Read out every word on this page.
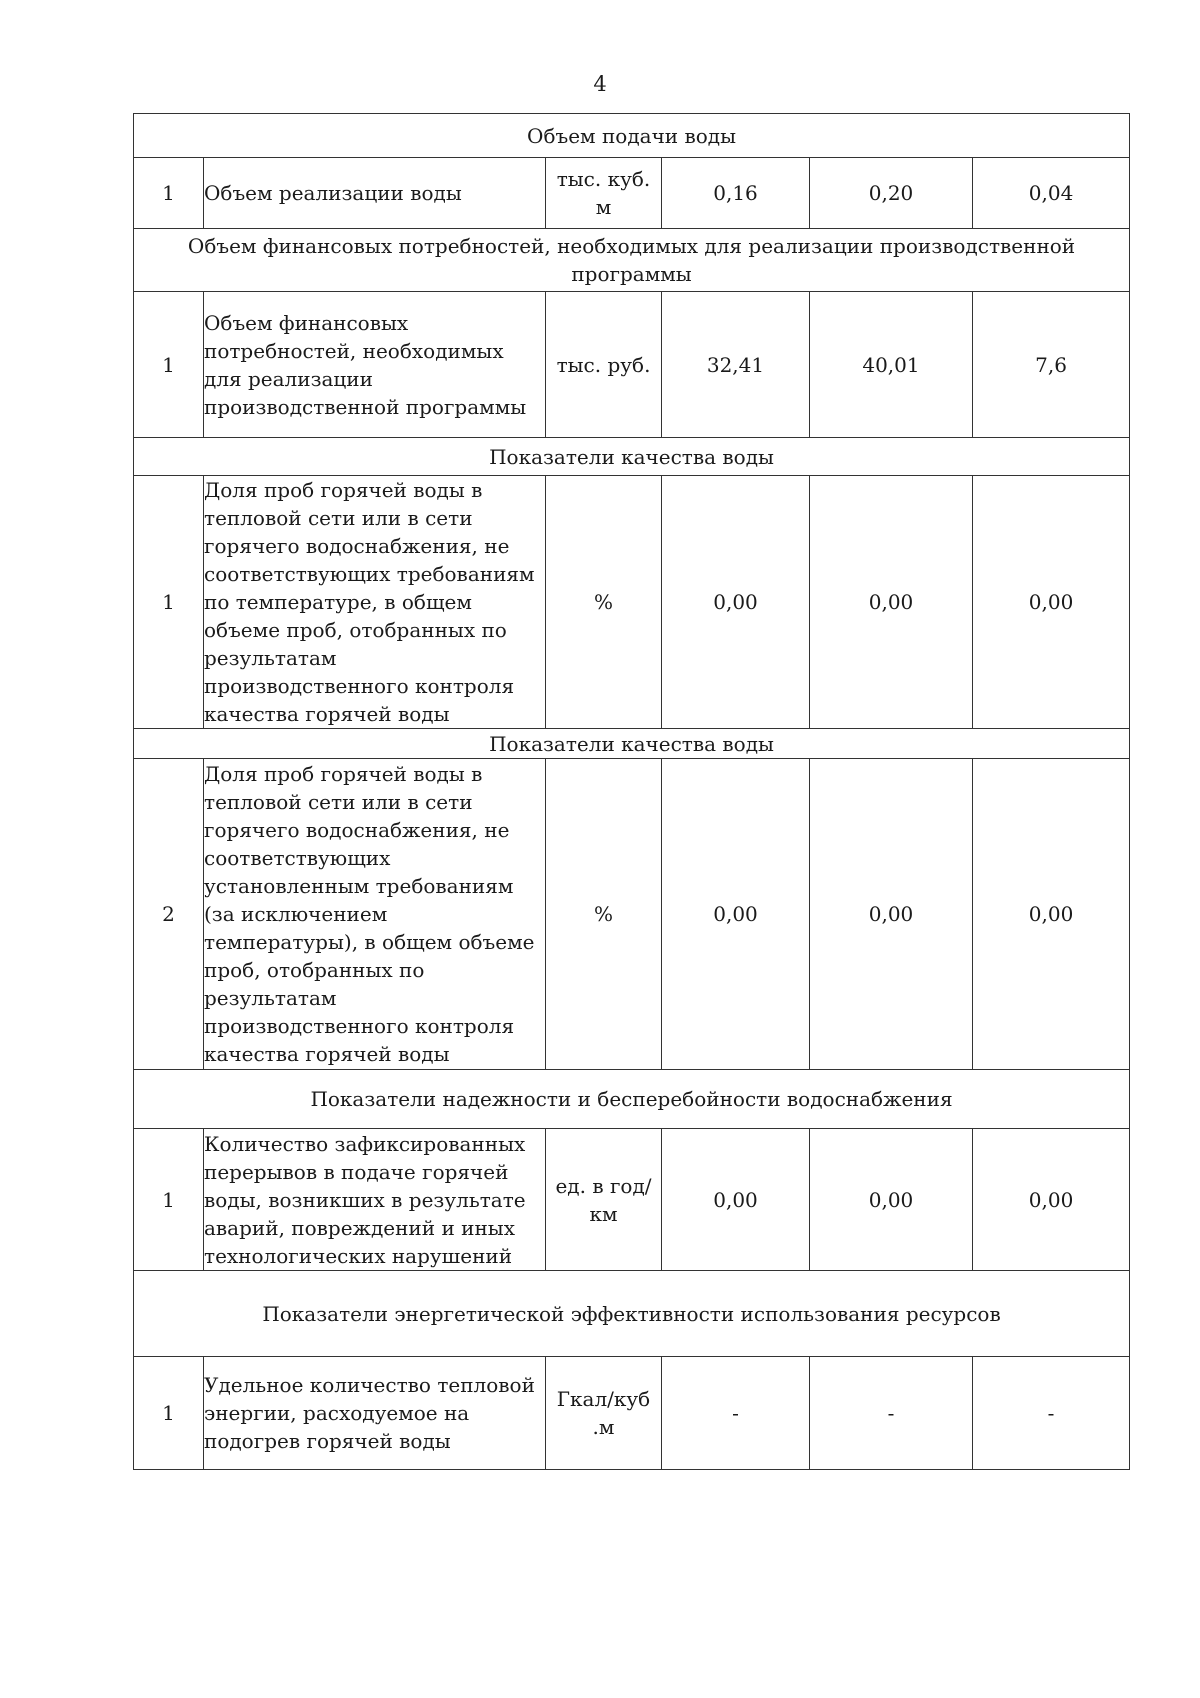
4
Объем подачи воды					
1	Объем реализации воды	тыс. куб. м	0,16	0,20	0,04
Объем финансовых потребностей, необходимых для реализации производственной программы					
1	Объем финансовых потребностей, необходимых для реализации производственной программы	тыс. руб.	32,41	40,01	7,6
Показатели качества воды					
1	Доля проб горячей воды в тепловой сети или в сети горячего водоснабжения, не соответствующих требованиям по температуре, в общем объеме проб, отобранных по результатам производственного контроля качества горячей воды	%	0,00	0,00	0,00
Показатели качества воды					
2	Доля проб горячей воды в тепловой сети или в сети горячего водоснабжения, не соответствующих установленным требованиям (за исключением температуры), в общем объеме проб, отобранных по результатам производственного контроля качества горячей воды	%	0,00	0,00	0,00
Показатели надежности и бесперебойности водоснабжения					
1	Количество зафиксированных перерывов в подаче горячей воды, возникших в результате аварий, повреждений и иных технологических нарушений	ед. в год/ км	0,00	0,00	0,00
Показатели энергетической эффективности использования ресурсов					
1	Удельное количество тепловой энергии, расходуемое на подогрев горячей воды	Гкал/куб .м	-	-	-
